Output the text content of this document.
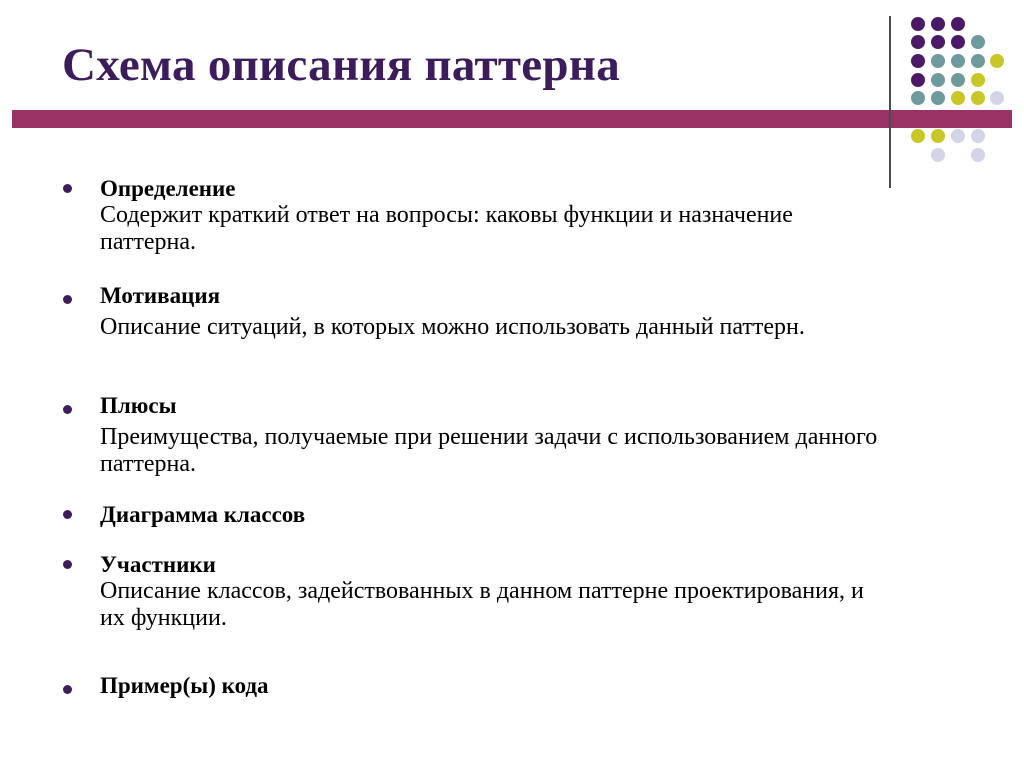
Схема описания паттерна
Определение
Содержит краткий ответ на вопросы: каковы функции и назначение паттерна.
Мотивация
Описание ситуаций, в которых можно использовать данный паттерн.
Плюсы
Преимущества, получаемые при решении задачи с использованием данного паттерна.
Диаграмма классов
Участники
Описание классов, задействованных в данном паттерне проектирования, и их функции.
Пример(ы) кода
